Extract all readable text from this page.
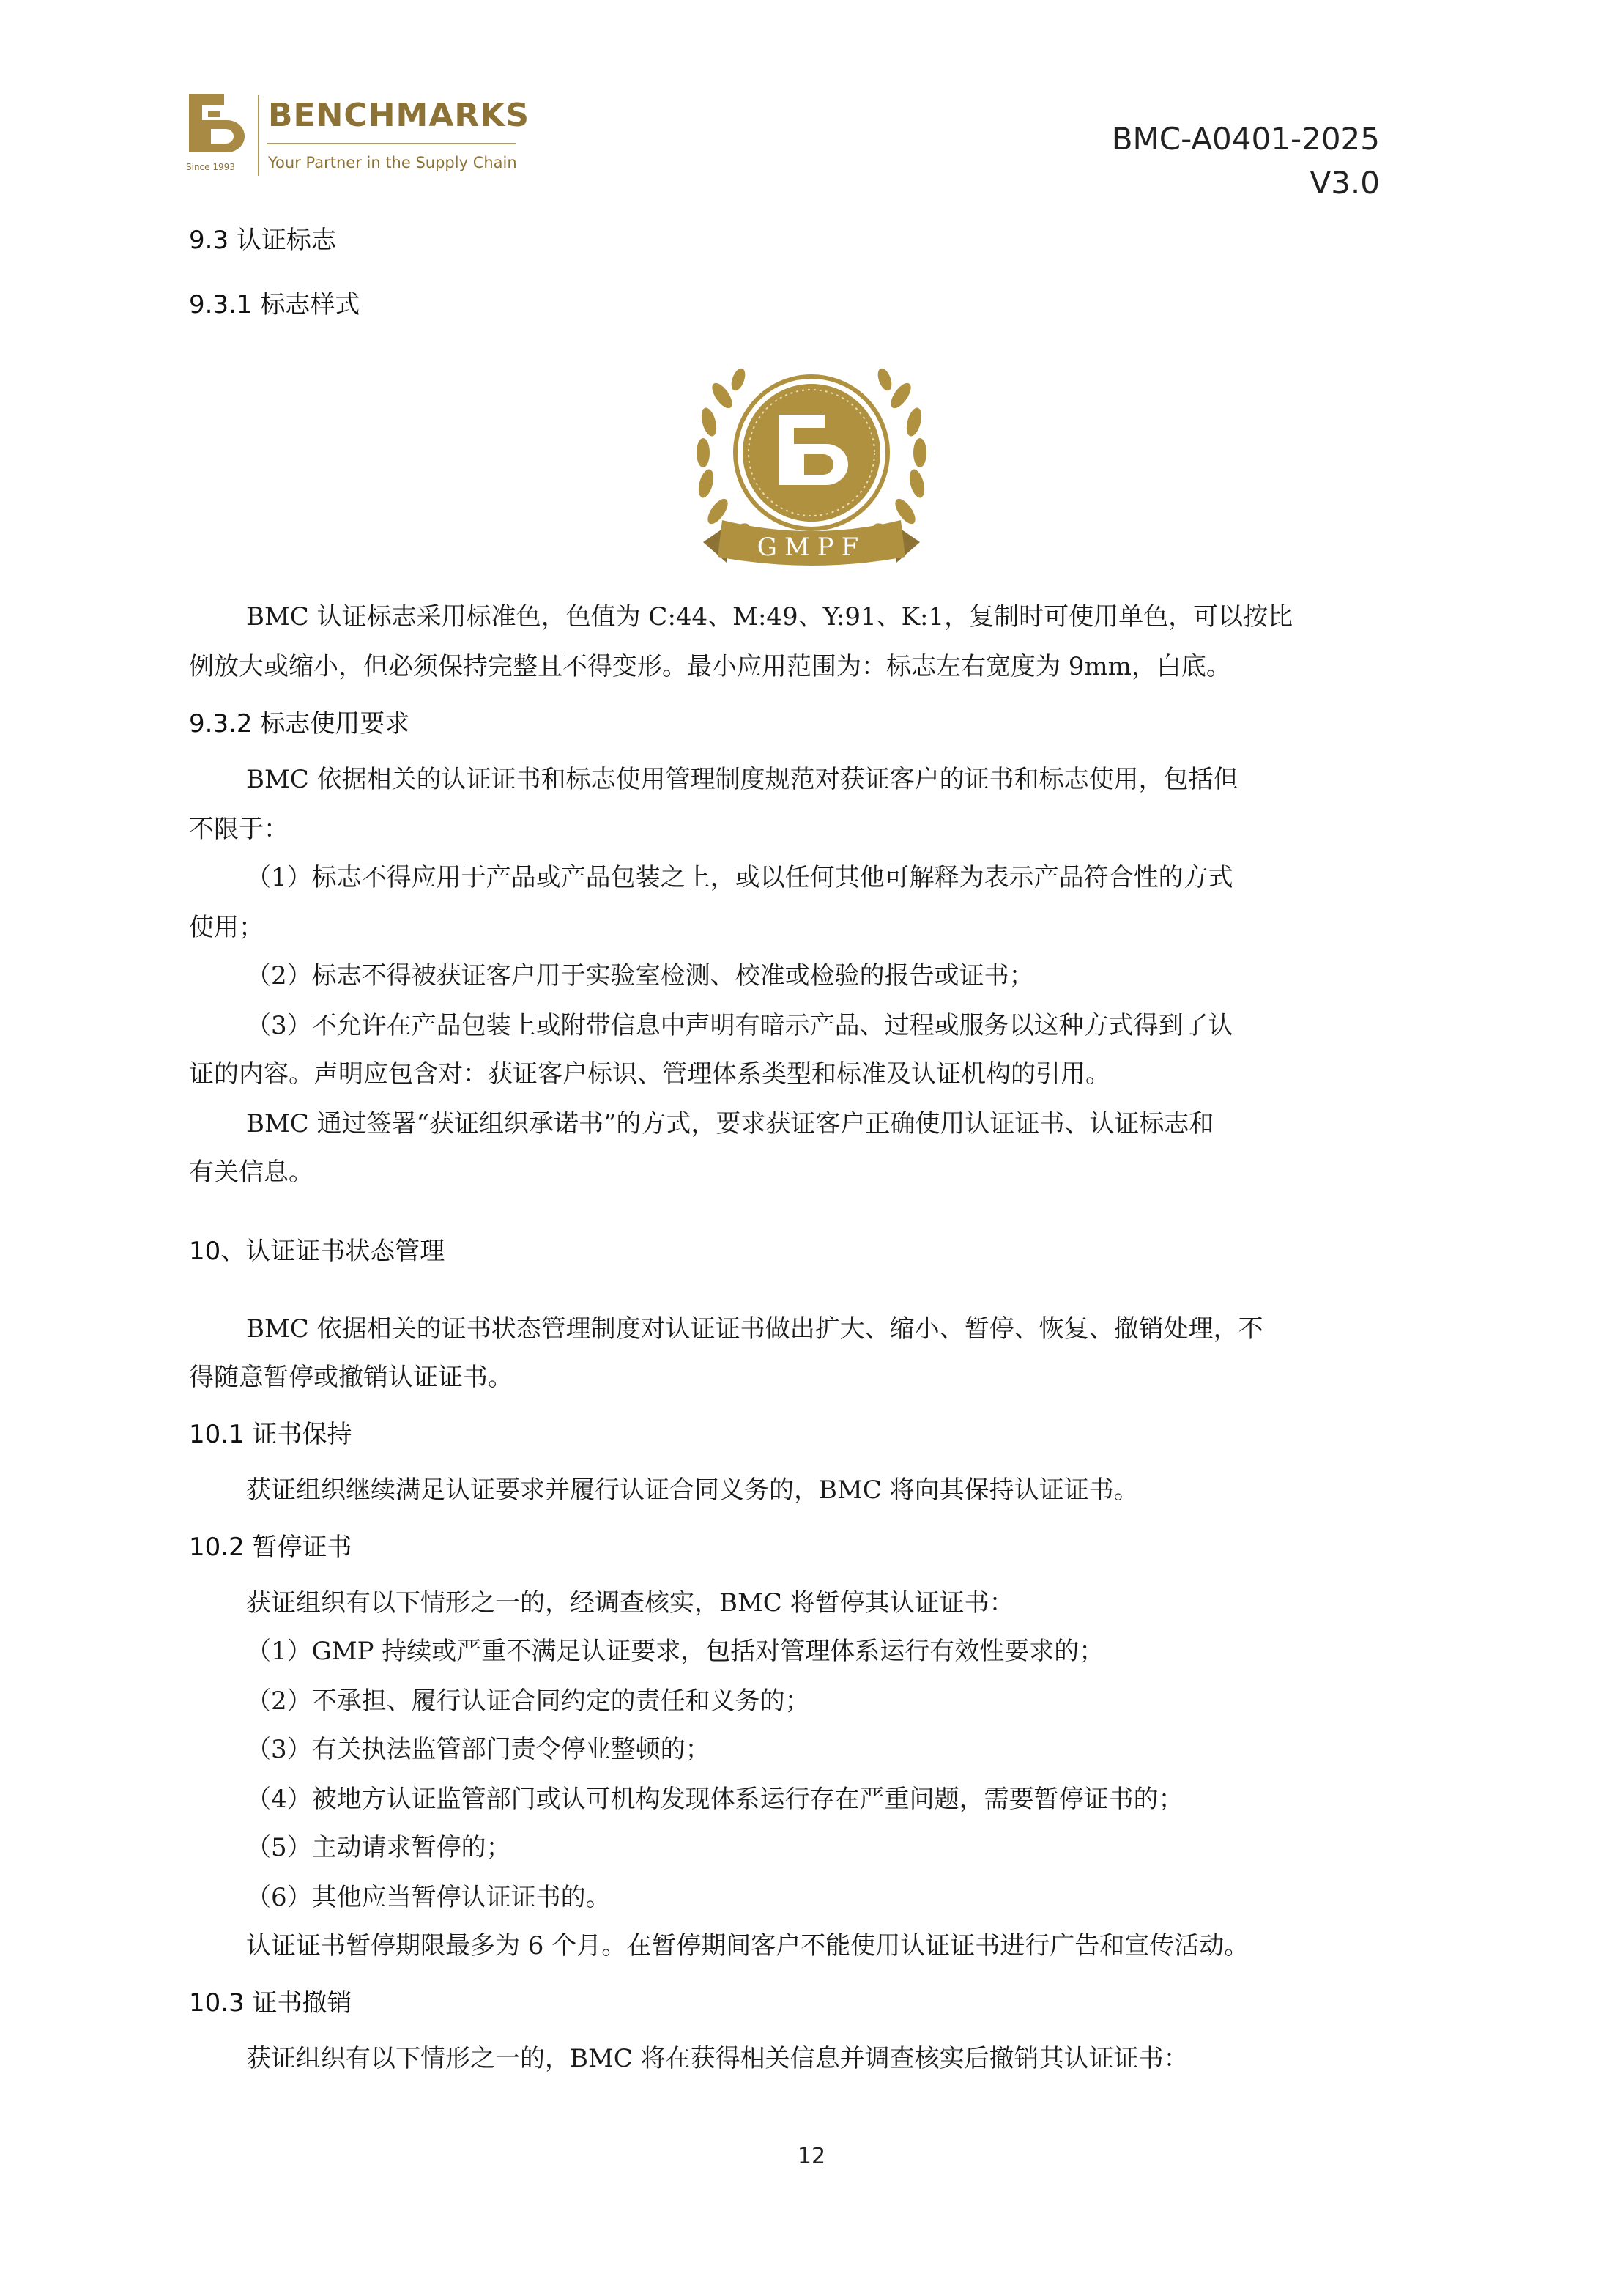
BENCHMARKS
Your Partner in the Supply Chain
Since 1993
BMC-A0401-2025
V3.0
9.3 认证标志
9.3.1 标志样式
GMPF
BMC 认证标志采用标准色，色值为 C:44、M:49、Y:91、K:1，复制时可使用单色，可以按比
例放大或缩小，但必须保持完整且不得变形。最小应用范围为：标志左右宽度为 9mm，白底。
9.3.2 标志使用要求
BMC 依据相关的认证证书和标志使用管理制度规范对获证客户的证书和标志使用，包括但
不限于：
（1）标志不得应用于产品或产品包装之上，或以任何其他可解释为表示产品符合性的方式
使用；
（2）标志不得被获证客户用于实验室检测、校准或检验的报告或证书；
（3）不允许在产品包装上或附带信息中声明有暗示产品、过程或服务以这种方式得到了认
证的内容。声明应包含对：获证客户标识、管理体系类型和标准及认证机构的引用。
BMC 通过签署“获证组织承诺书”的方式，要求获证客户正确使用认证证书、认证标志和
有关信息。
10、认证证书状态管理
BMC 依据相关的证书状态管理制度对认证证书做出扩大、缩小、暂停、恢复、撤销处理，不
得随意暂停或撤销认证证书。
10.1 证书保持
获证组织继续满足认证要求并履行认证合同义务的，BMC 将向其保持认证证书。
10.2 暂停证书
获证组织有以下情形之一的，经调查核实，BMC 将暂停其认证证书：
（1）GMP 持续或严重不满足认证要求，包括对管理体系运行有效性要求的；
（2）不承担、履行认证合同约定的责任和义务的；
（3）有关执法监管部门责令停业整顿的；
（4）被地方认证监管部门或认可机构发现体系运行存在严重问题，需要暂停证书的；
（5）主动请求暂停的；
（6）其他应当暂停认证证书的。
认证证书暂停期限最多为 6 个月。在暂停期间客户不能使用认证证书进行广告和宣传活动。
10.3 证书撤销
获证组织有以下情形之一的，BMC 将在获得相关信息并调查核实后撤销其认证证书：
12
